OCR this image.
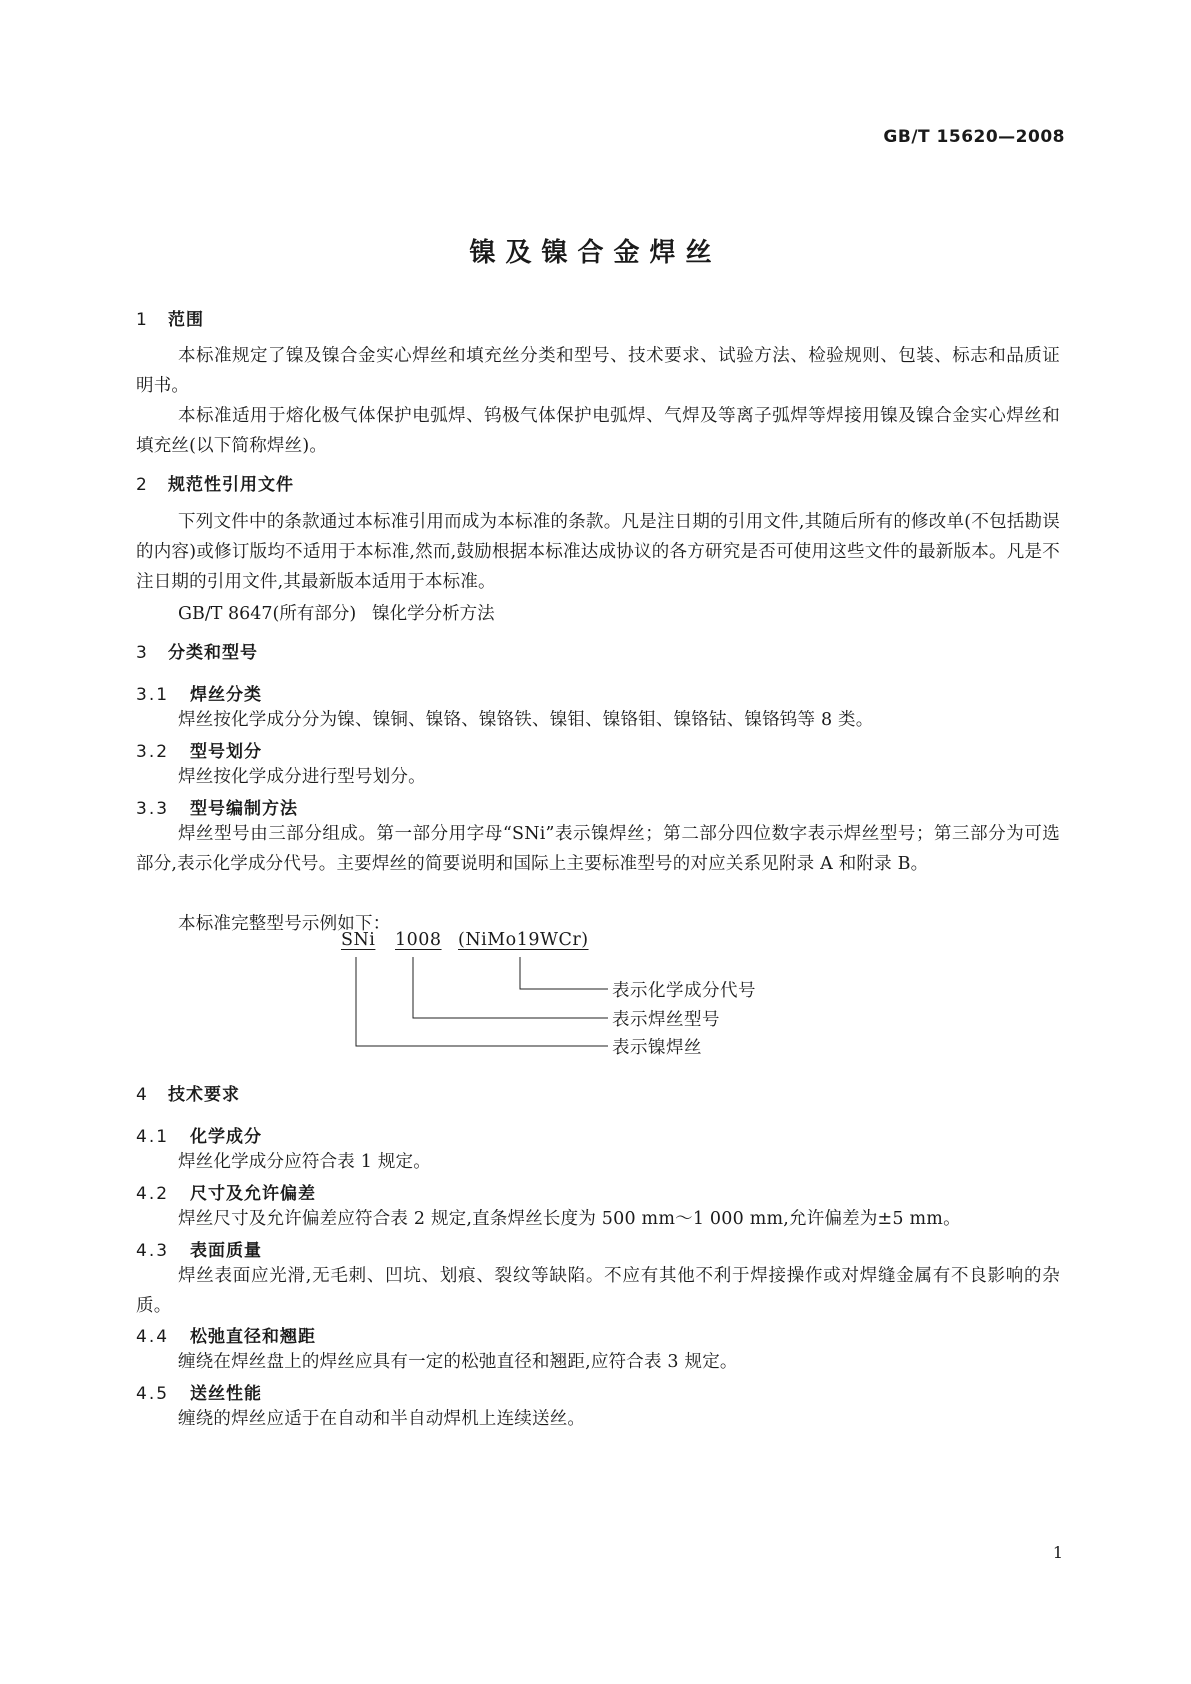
GB/T 15620—2008
镍及镍合金焊丝
1 范围
本标准规定了镍及镍合金实心焊丝和填充丝分类和型号、技术要求、试验方法、检验规则、包装、标志和品质证明书。
本标准适用于熔化极气体保护电弧焊、钨极气体保护电弧焊、气焊及等离子弧焊等焊接用镍及镍合金实心焊丝和填充丝(以下简称焊丝)。
2 规范性引用文件
下列文件中的条款通过本标准引用而成为本标准的条款。凡是注日期的引用文件,其随后所有的修改单(不包括勘误的内容)或修订版均不适用于本标准,然而,鼓励根据本标准达成协议的各方研究是否可使用这些文件的最新版本。凡是不注日期的引用文件,其最新版本适用于本标准。
GB/T 8647(所有部分) 镍化学分析方法
3 分类和型号
3.1 焊丝分类
焊丝按化学成分分为镍、镍铜、镍铬、镍铬铁、镍钼、镍铬钼、镍铬钴、镍铬钨等 8 类。
3.2 型号划分
焊丝按化学成分进行型号划分。
3.3 型号编制方法
焊丝型号由三部分组成。第一部分用字母“SNi”表示镍焊丝；第二部分四位数字表示焊丝型号；第三部分为可选部分,表示化学成分代号。主要焊丝的简要说明和国际上主要标准型号的对应关系见附录 A 和附录 B。
本标准完整型号示例如下：
SNi 1008 (NiMo19WCr)
表示化学成分代号
表示焊丝型号
表示镍焊丝
4 技术要求
4.1 化学成分
焊丝化学成分应符合表 1 规定。
4.2 尺寸及允许偏差
焊丝尺寸及允许偏差应符合表 2 规定,直条焊丝长度为 500 mm～1 000 mm,允许偏差为±5 mm。
4.3 表面质量
焊丝表面应光滑,无毛刺、凹坑、划痕、裂纹等缺陷。不应有其他不利于焊接操作或对焊缝金属有不良影响的杂质。
4.4 松弛直径和翘距
缠绕在焊丝盘上的焊丝应具有一定的松弛直径和翘距,应符合表 3 规定。
4.5 送丝性能
缠绕的焊丝应适于在自动和半自动焊机上连续送丝。
1
